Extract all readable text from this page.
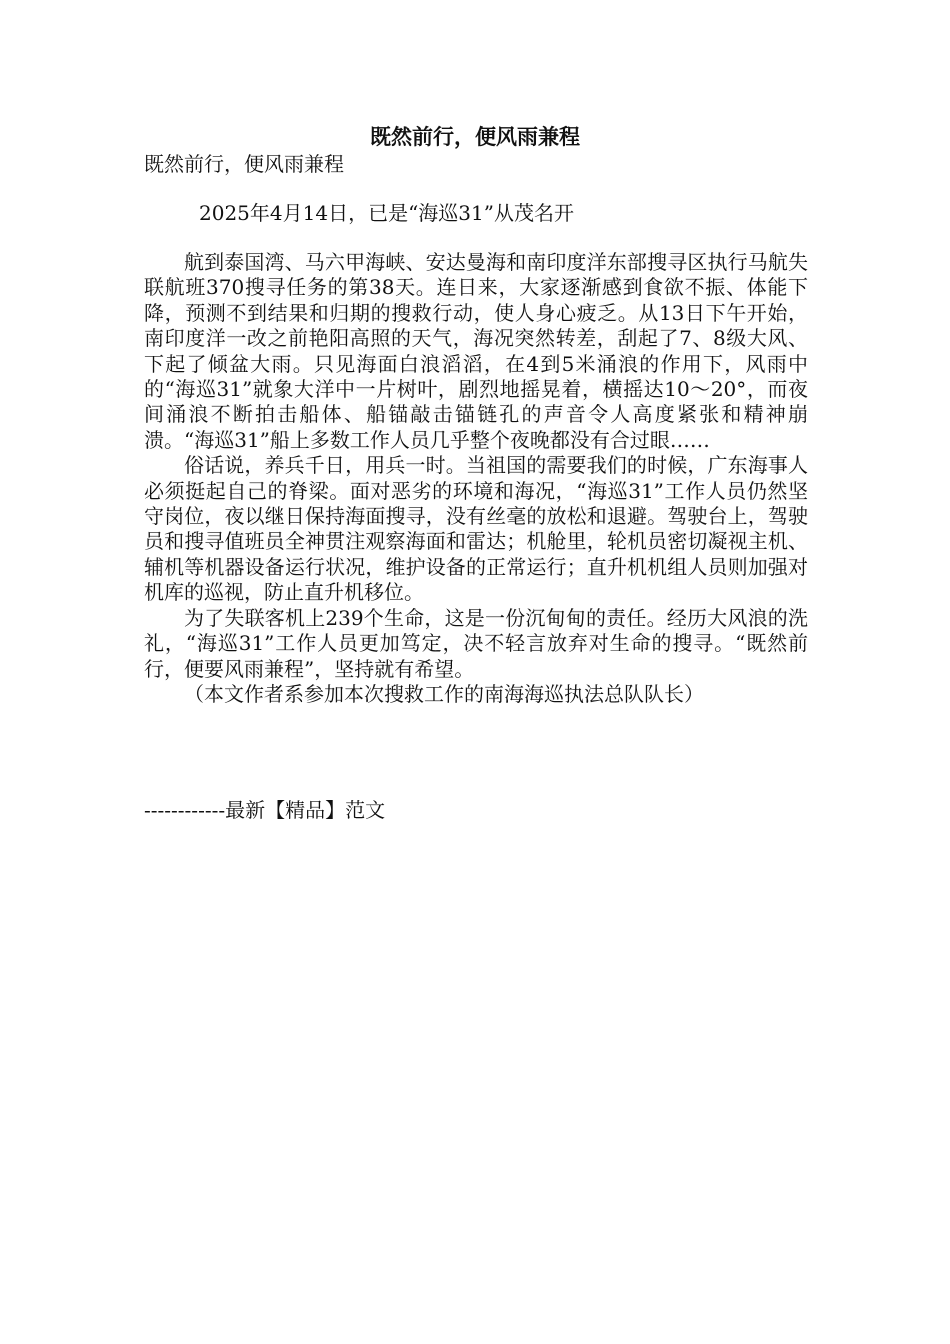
既然前行，便风雨兼程

既然前行，便风雨兼程

2025年4月14日，已是“海巡31”从茂名开

航到泰国湾、马六甲海峡、安达曼海和南印度洋东部搜寻区执行马航失联航班370搜寻任务的第38天。连日来，大家逐渐感到食欲不振、体能下降，预测不到结果和归期的搜救行动，使人身心疲乏。从13日下午开始，南印度洋一改之前艳阳高照的天气，海况突然转差，刮起了7、8级大风、下起了倾盆大雨。只见海面白浪滔滔，在4到5米涌浪的作用下，风雨中的“海巡31”就象大洋中一片树叶，剧烈地摇晃着，横摇达10～20°，而夜间涌浪不断拍击船体、船锚敲击锚链孔的声音令人高度紧张和精神崩溃。“海巡31”船上多数工作人员几乎整个夜晚都没有合过眼……

俗话说，养兵千日，用兵一时。当祖国的需要我们的时候，广东海事人必须挺起自己的脊梁。面对恶劣的环境和海况，“海巡31”工作人员仍然坚守岗位，夜以继日保持海面搜寻，没有丝毫的放松和退避。驾驶台上，驾驶员和搜寻值班员全神贯注观察海面和雷达；机舱里，轮机员密切凝视主机、辅机等机器设备运行状况，维护设备的正常运行；直升机机组人员则加强对机库的巡视，防止直升机移位。

为了失联客机上239个生命，这是一份沉甸甸的责任。经历大风浪的洗礼，“海巡31”工作人员更加笃定，决不轻言放弃对生命的搜寻。“既然前行，便要风雨兼程”，坚持就有希望。

（本文作者系参加本次搜救工作的南海海巡执法总队队长）

------------最新【精品】范文
